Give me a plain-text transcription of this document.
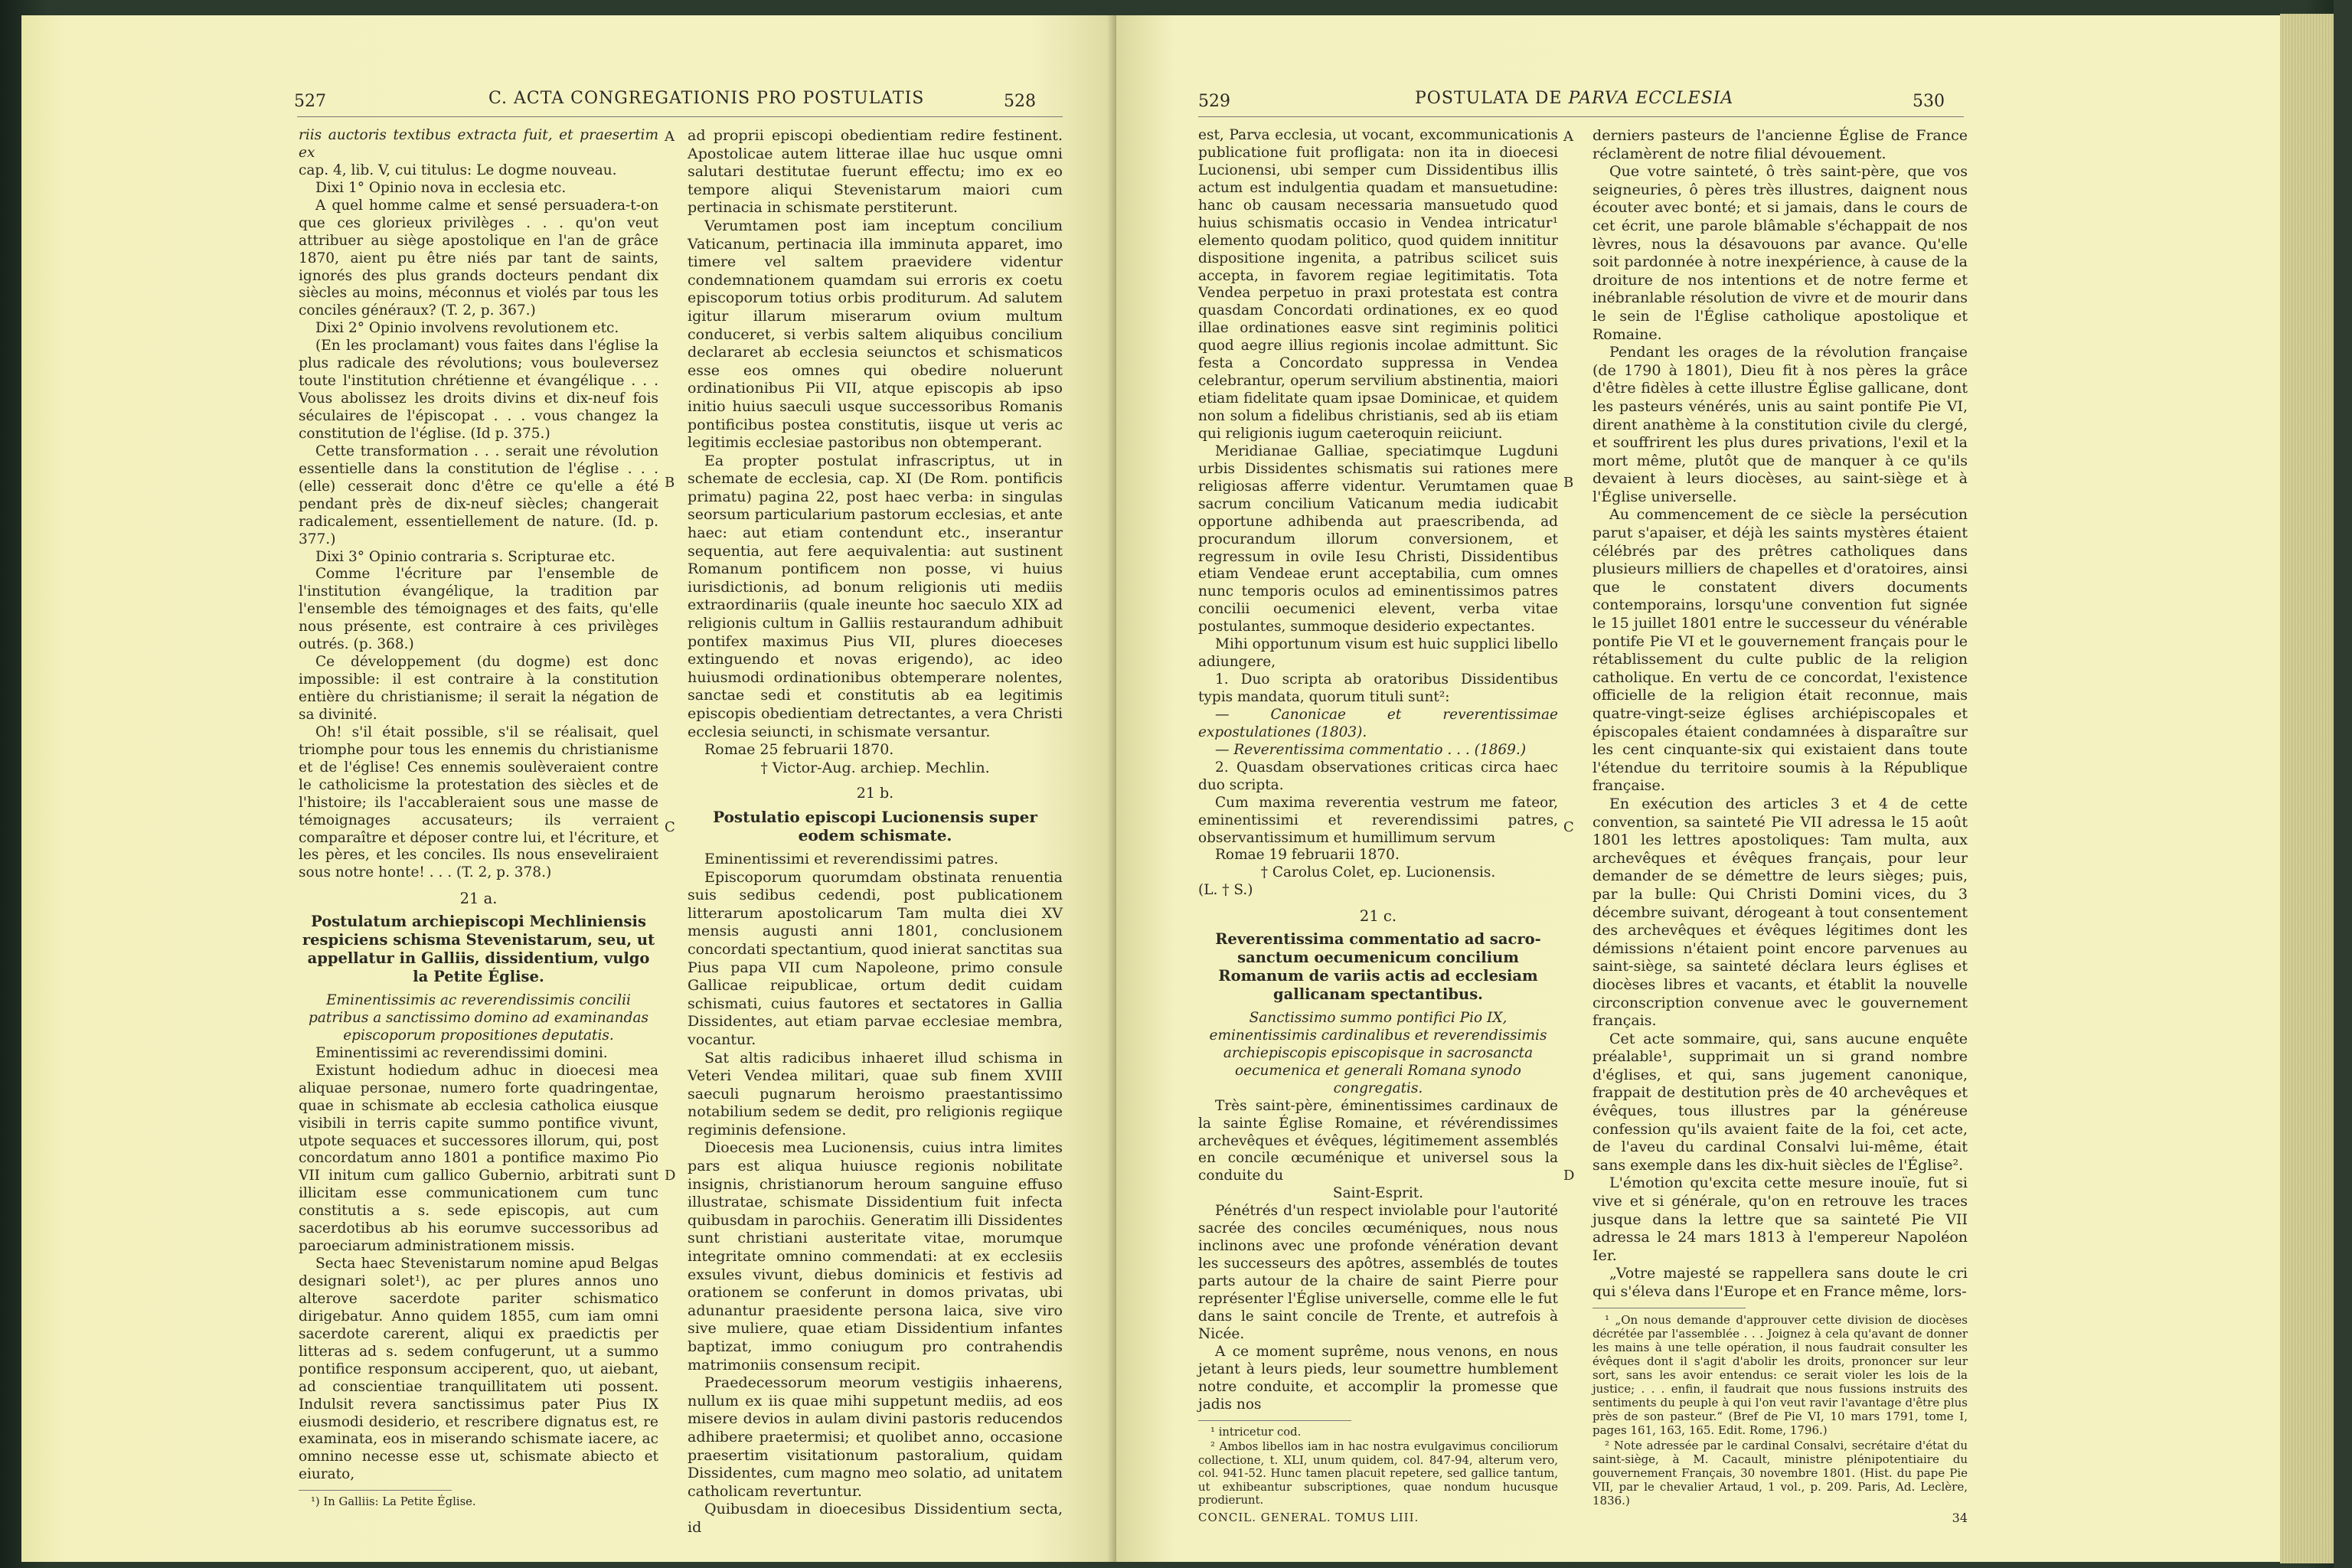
527	C. ACTA CONGREGATIONIS PRO POSTULATIS	528

riis auctoris textibus extracta fuit, et praesertim ex

cap. 4, lib. V, cui titulus: Le dogme nouveau.

Dixi 1° Opinio nova in ecclesia etc.

A quel homme calme et sensé persuadera-t-on que ces glorieux privilèges . . . qu'on veut attribuer au siège apostolique en l'an de grâce 1870, aient pu être niés par tant de saints, ignorés des plus grands docteurs pendant dix siècles au moins, méconnus et violés par tous les conciles généraux? (T. 2, p. 367.)

Dixi 2° Opinio involvens revolutionem etc.

(En les proclamant) vous faites dans l'église la plus radicale des révolutions; vous bouleversez toute l'institution chrétienne et évangélique . . . Vous abolissez les droits divins et dix-neuf fois séculaires de l'épiscopat . . . vous changez la constitution de l'église. (Id p. 375.)

Cette transformation . . . serait une révolution essentielle dans la constitution de l'église . . . (elle) cesserait donc d'être ce qu'elle a été pendant près de dix-neuf siècles; changerait radicalement, essentiellement de nature. (Id. p. 377.)

Dixi 3° Opinio contraria s. Scripturae etc.

Comme l'écriture par l'ensemble de l'institution évangélique, la tradition par l'ensemble des témoignages et des faits, qu'elle nous présente, est contraire à ces privilèges outrés. (p. 368.)

Ce développement (du dogme) est donc impossible: il est contraire à la constitution entière du christianisme; il serait la négation de sa divinité.

Oh! s'il était possible, s'il se réalisait, quel triomphe pour tous les ennemis du christianisme et de l'église! Ces ennemis soulèveraient contre le catholicisme la protestation des siècles et de l'histoire; ils l'accableraient sous une masse de témoignages accusateurs; ils verraient comparaître et déposer contre lui, et l'écriture, et les pères, et les conciles. Ils nous enseveliraient sous notre honte! . . . (T. 2, p. 378.)

21 a.
Postulatum archiepiscopi Mechliniensis respiciens schisma Stevenistarum, seu, ut appellatur in Galliis, dissidentium, vulgo la Petite Église.

Eminentissimis ac reverendissimis concilii patribus a sanctissimo domino ad examinandas episcoporum propositiones deputatis.

Eminentissimi ac reverendissimi domini.

Existunt hodiedum adhuc in dioecesi mea aliquae personae, numero forte quadringentae, quae in schismate ab ecclesia catholica eiusque visibili in terris capite summo pontifice vivunt, utpote sequaces et successores illorum, qui, post concordatum anno 1801 a pontifice maximo Pio VII initum cum gallico Gubernio, arbitrati sunt illicitam esse communicationem cum tunc constitutis a s. sede episcopis, aut cum sacerdotibus ab his eorumve successoribus ad paroeciarum administrationem missis.

Secta haec Stevenistarum nomine apud Belgas designari solet¹), ac per plures annos uno alterove sacerdote pariter schismatico dirigebatur. Anno quidem 1855, cum iam omni sacerdote carerent, aliqui ex praedictis per litteras ad s. sedem confugerunt, ut a summo pontifice responsum acciperent, quo, ut aiebant, ad conscientiae tranquillitatem uti possent. Indulsit revera sanctissimus pater Pius IX eiusmodi desiderio, et rescribere dignatus est, re examinata, eos in miserando schismate iacere, ac omnino necesse esse ut, schismate abiecto et eiurato,

¹) In Galliis: La Petite Église.

ad proprii episcopi obedientiam redire festinent. Apostolicae autem litterae illae huc usque omni salutari destitutae fuerunt effectu; imo ex eo tempore aliqui Stevenistarum maiori cum pertinacia in schismate perstiterunt.

Verumtamen post iam inceptum concilium Vaticanum, pertinacia illa imminuta apparet, imo timere vel saltem praevidere videntur condemnationem quamdam sui erroris ex coetu episcoporum totius orbis proditurum. Ad salutem igitur illarum miserarum ovium multum conduceret, si verbis saltem aliquibus concilium declararet ab ecclesia seiunctos et schismaticos esse eos omnes qui obedire noluerunt ordinationibus Pii VII, atque episcopis ab ipso initio huius saeculi usque successoribus Romanis pontificibus postea constitutis, iisque ut veris ac legitimis ecclesiae pastoribus non obtemperant.

Ea propter postulat infrascriptus, ut in schemate de ecclesia, cap. XI (De Rom. pontificis primatu) pagina 22, post haec verba: in singulas seorsum particularium pastorum ecclesias, et ante haec: aut etiam contendunt etc., inserantur sequentia, aut fere aequivalentia: aut sustinent Romanum pontificem non posse, vi huius iurisdictionis, ad bonum religionis uti mediis extraordinariis (quale ineunte hoc saeculo XIX ad religionis cultum in Galliis restaurandum adhibuit pontifex maximus Pius VII, plures dioeceses extinguendo et novas erigendo), ac ideo huiusmodi ordinationibus obtemperare nolentes, sanctae sedi et constitutis ab ea legitimis episcopis obedientiam detrectantes, a vera Christi ecclesia seiuncti, in schismate versantur.

Romae 25 februarii 1870.

† Victor-Aug. archiep. Mechlin.

21 b.
Postulatio episcopi Lucionensis super eodem schismate.

Eminentissimi et reverendissimi patres.

Episcoporum quorumdam obstinata renuentia suis sedibus cedendi, post publicationem litterarum apostolicarum Tam multa diei XV mensis augusti anni 1801, conclusionem concordati spectantium, quod inierat sanctitas sua Pius papa VII cum Napoleone, primo consule Gallicae reipublicae, ortum dedit cuidam schismati, cuius fautores et sectatores in Gallia Dissidentes, aut etiam parvae ecclesiae membra, vocantur.

Sat altis radicibus inhaeret illud schisma in Veteri Vendea militari, quae sub finem XVIII saeculi pugnarum heroismo praestantissimo notabilium sedem se dedit, pro religionis regiique regiminis defensione.

Dioecesis mea Lucionensis, cuius intra limites pars est aliqua huiusce regionis nobilitate insignis, christianorum heroum sanguine effuso illustratae, schismate Dissidentium fuit infecta quibusdam in parochiis. Generatim illi Dissidentes sunt christiani austeritate vitae, morumque integritate omnino commendati: at ex ecclesiis exsules vivunt, diebus dominicis et festivis ad orationem se conferunt in domos privatas, ubi adunantur praesidente persona laica, sive viro sive muliere, quae etiam Dissidentium infantes baptizat, immo coniugum pro contrahendis matrimoniis consensum recipit.

Praedecessorum meorum vestigiis inhaerens, nullum ex iis quae mihi suppetunt mediis, ad eos misere devios in aulam divini pastoris reducendos adhibere praetermisi; et quolibet anno, occasione praesertim visitationum pastoralium, quidam Dissidentes, cum magno meo solatio, ad unitatem catholicam revertuntur.

Quibusdam in dioecesibus Dissidentium secta, id

A
B
C
D
529	POSTULATA DE PARVA ECCLESIA	530

est, Parva ecclesia, ut vocant, excommunicationis publicatione fuit profligata: non ita in dioecesi Lucionensi, ubi semper cum Dissidentibus illis actum est indulgentia quadam et mansuetudine: hanc ob causam necessaria mansuetudo quod huius schismatis occasio in Vendea intricatur¹ elemento quodam politico, quod quidem innititur dispositione ingenita, a patribus scilicet suis accepta, in favorem regiae legitimitatis. Tota Vendea perpetuo in praxi protestata est contra quasdam Concordati ordinationes, ex eo quod illae ordinationes easve sint regiminis politici quod aegre illius regionis incolae admittunt. Sic festa a Concordato suppressa in Vendea celebrantur, operum servilium abstinentia, maiori etiam fidelitate quam ipsae Dominicae, et quidem non solum a fidelibus christianis, sed ab iis etiam qui religionis iugum caeteroquin reiiciunt.

Meridianae Galliae, speciatimque Lugduni urbis Dissidentes schismatis sui rationes mere religiosas afferre videntur. Verumtamen quae sacrum concilium Vaticanum media iudicabit opportune adhibenda aut praescribenda, ad procurandum illorum conversionem, et regressum in ovile Iesu Christi, Dissidentibus etiam Vendeae erunt acceptabilia, cum omnes nunc temporis oculos ad eminentissimos patres concilii oecumenici elevent, verba vitae postulantes, summoque desiderio expectantes.

Mihi opportunum visum est huic supplici libello adiungere,

1. Duo scripta ab oratoribus Dissidentibus typis mandata, quorum tituli sunt²:

— Canonicae et reverentissimae expostulationes (1803).

— Reverentissima commentatio . . . (1869.)

2. Quasdam observationes criticas circa haec duo scripta.

Cum maxima reverentia vestrum me fateor, eminentissimi et reverendissimi patres, observantissimum et humillimum servum

Romae 19 februarii 1870.

† Carolus Colet, ep. Lucionensis.

(L. † S.)

21 c.
Reverentissima commentatio ad sacro-sanctum oecumenicum concilium Romanum de variis actis ad ecclesiam gallicanam spectantibus.

Sanctissimo summo pontifici Pio IX, eminentissimis cardinalibus et reverendissimis archiepiscopis episcopisque in sacrosancta oecumenica et generali Romana synodo congregatis.

Très saint-père, éminentissimes cardinaux de la sainte Église Romaine, et révérendissimes archevêques et évêques, légitimement assemblés en concile œcuménique et universel sous la conduite du

Saint-Esprit.

Pénétrés d'un respect inviolable pour l'autorité sacrée des conciles œcuméniques, nous nous inclinons avec une profonde vénération devant les successeurs des apôtres, assemblés de toutes parts autour de la chaire de saint Pierre pour représenter l'Église universelle, comme elle le fut dans le saint concile de Trente, et autrefois à Nicée.

A ce moment suprême, nous venons, en nous jetant à leurs pieds, leur soumettre humblement notre conduite, et accomplir la promesse que jadis nos

¹ intricetur cod.

² Ambos libellos iam in hac nostra evulgavimus conciliorum collectione, t. XLI, unum quidem, col. 847-94, alterum vero, col. 941-52. Hunc tamen placuit repetere, sed gallice tantum, ut exhibeantur subscriptiones, quae nondum hucusque prodierunt.

CONCIL. GENERAL. TOMUS LIII.

derniers pasteurs de l'ancienne Église de France réclamèrent de notre filial dévouement.

Que votre sainteté, ô très saint-père, que vos seigneuries, ô pères très illustres, daignent nous écouter avec bonté; et si jamais, dans le cours de cet écrit, une parole blâmable s'échappait de nos lèvres, nous la désavouons par avance. Qu'elle soit pardonnée à notre inexpérience, à cause de la droiture de nos intentions et de notre ferme et inébranlable résolution de vivre et de mourir dans le sein de l'Église catholique apostolique et Romaine.

Pendant les orages de la révolution française (de 1790 à 1801), Dieu fit à nos pères la grâce d'être fidèles à cette illustre Église gallicane, dont les pasteurs vénérés, unis au saint pontife Pie VI, dirent anathème à la constitution civile du clergé, et souffrirent les plus dures privations, l'exil et la mort même, plutôt que de manquer à ce qu'ils devaient à leurs diocèses, au saint-siège et à l'Église universelle.

Au commencement de ce siècle la persécution parut s'apaiser, et déjà les saints mystères étaient célébrés par des prêtres catholiques dans plusieurs milliers de chapelles et d'oratoires, ainsi que le constatent divers documents contemporains, lorsqu'une convention fut signée le 15 juillet 1801 entre le successeur du vénérable pontife Pie VI et le gouvernement français pour le rétablissement du culte public de la religion catholique. En vertu de ce concordat, l'existence officielle de la religion était reconnue, mais quatre-vingt-seize églises archiépiscopales et épiscopales étaient condamnées à disparaître sur les cent cinquante-six qui existaient dans toute l'étendue du territoire soumis à la République française.

En exécution des articles 3 et 4 de cette convention, sa sainteté Pie VII adressa le 15 août 1801 les lettres apostoliques: Tam multa, aux archevêques et évêques français, pour leur demander de se démettre de leurs sièges; puis, par la bulle: Qui Christi Domini vices, du 3 décembre suivant, dérogeant à tout consentement des archevêques et évêques légitimes dont les démissions n'étaient point encore parvenues au saint-siège, sa sainteté déclara leurs églises et diocèses libres et vacants, et établit la nouvelle circonscription convenue avec le gouvernement français.

Cet acte sommaire, qui, sans aucune enquête préalable¹, supprimait un si grand nombre d'églises, et qui, sans jugement canonique, frappait de destitution près de 40 archevêques et évêques, tous illustres par la généreuse confession qu'ils avaient faite de la foi, cet acte, de l'aveu du cardinal Consalvi lui-même, était sans exemple dans les dix-huit siècles de l'Église².

L'émotion qu'excita cette mesure inouïe, fut si vive et si générale, qu'on en retrouve les traces jusque dans la lettre que sa sainteté Pie VII adressa le 24 mars 1813 à l'empereur Napoléon Ier.

„Votre majesté se rappellera sans doute le cri qui s'éleva dans l'Europe et en France même, lors-

¹ „On nous demande d'approuver cette division de diocèses décrétée par l'assemblée . . . Joignez à cela qu'avant de donner les mains à une telle opération, il nous faudrait consulter les évêques dont il s'agit d'abolir les droits, prononcer sur leur sort, sans les avoir entendus: ce serait violer les lois de la justice; . . . enfin, il faudrait que nous fussions instruits des sentiments du peuple à qui l'on veut ravir l'avantage d'être plus près de son pasteur.“ (Bref de Pie VI, 10 mars 1791, tome I, pages 161, 163, 165. Edit. Rome, 1796.)

² Note adressée par le cardinal Consalvi, secrétaire d'état du saint-siège, à M. Cacault, ministre plénipotentiaire du gouvernement Français, 30 novembre 1801. (Hist. du pape Pie VII, par le chevalier Artaud, 1 vol., p. 209. Paris, Ad. Leclère, 1836.)

34
A
B
C
D
